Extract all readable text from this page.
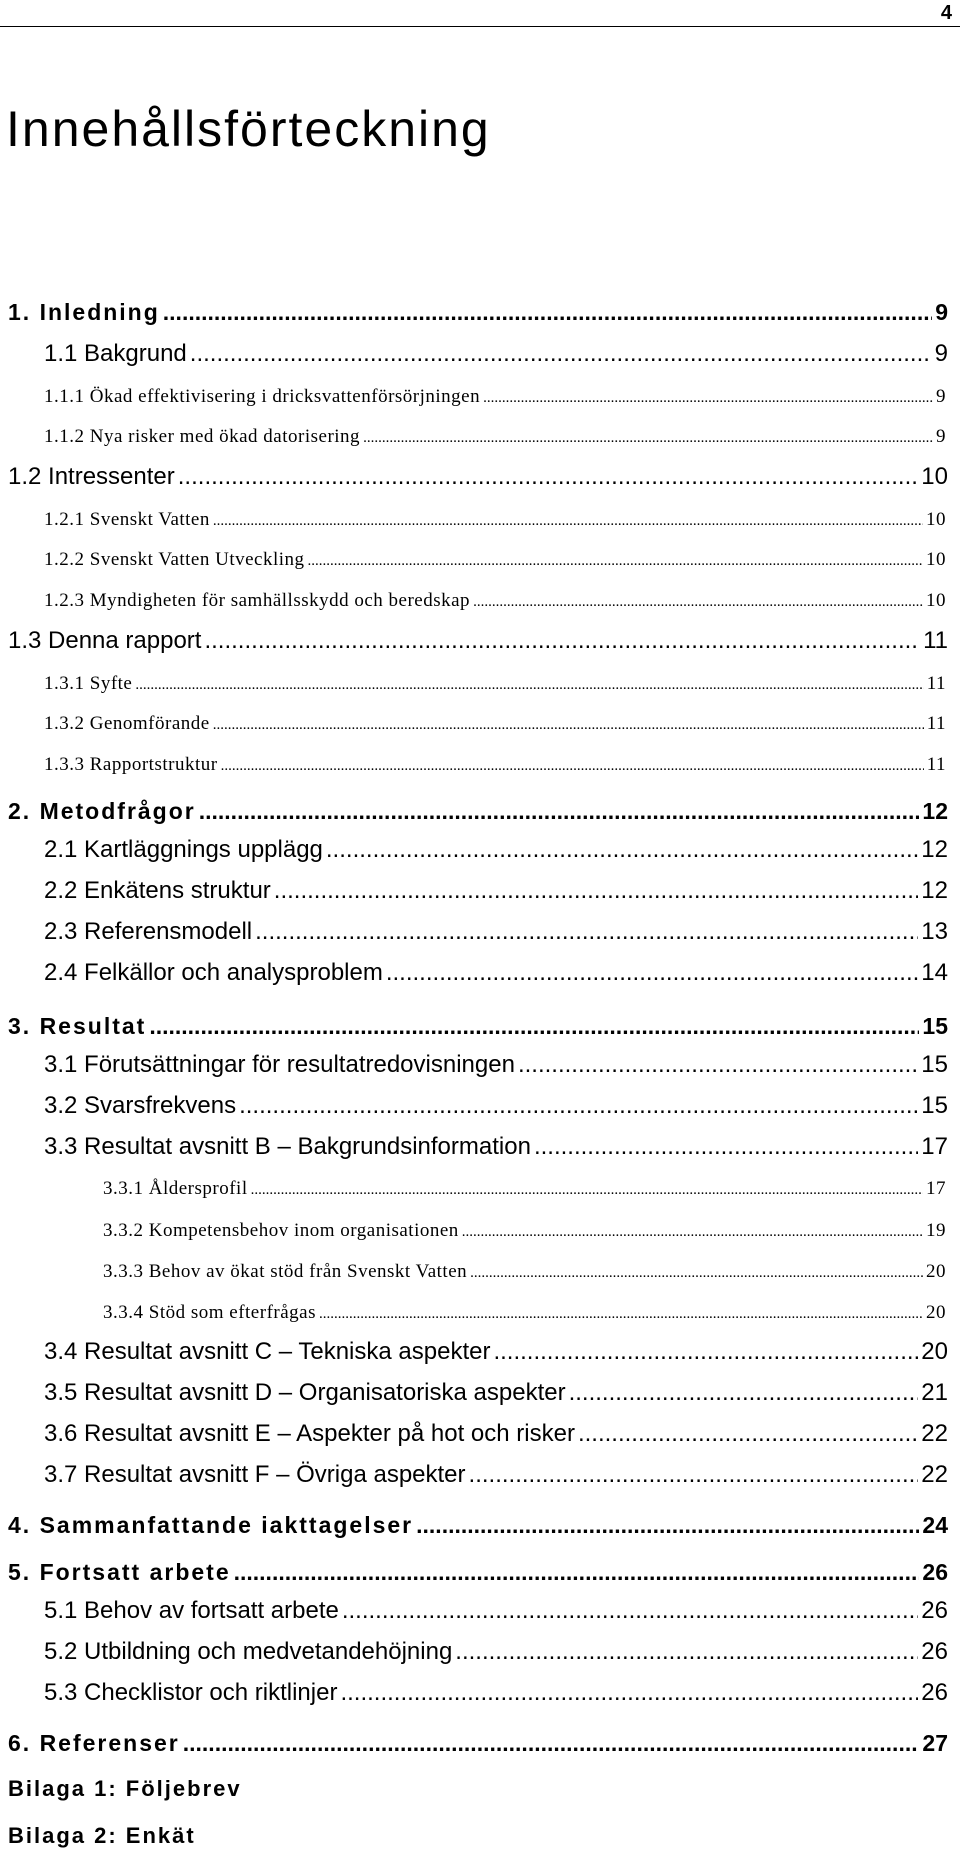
4
Innehållsförteckning
1. Inledning .....	9
1.1 Bakgrund .....	9
1.1.1 Ökad effektivisering i dricksvattenförsörjningen .....	9
1.1.2 Nya risker med ökad datorisering .....	9
1.2 Intressenter .....	10
1.2.1 Svenskt Vatten .....	10
1.2.2 Svenskt Vatten Utveckling .....	10
1.2.3 Myndigheten för samhällsskydd och beredskap .....	10
1.3 Denna rapport .....	11
1.3.1 Syfte .....	11
1.3.2 Genomförande .....	11
1.3.3 Rapportstruktur .....	11
2. Metodfrågor .....	12
2.1 Kartläggnings upplägg .....	12
2.2 Enkätens struktur .....	12
2.3 Referensmodell .....	13
2.4 Felkällor och analysproblem .....	14
3. Resultat .....	15
3.1 Förutsättningar för resultatredovisningen .....	15
3.2 Svarsfrekvens .....	15
3.3 Resultat avsnitt B – Bakgrundsinformation .....	17
3.3.1 Åldersprofil .....	17
3.3.2 Kompetensbehov inom organisationen .....	19
3.3.3 Behov av ökat stöd från Svenskt Vatten .....	20
3.3.4 Stöd som efterfrågas .....	20
3.4 Resultat avsnitt C – Tekniska aspekter .....	20
3.5 Resultat avsnitt D – Organisatoriska aspekter .....	21
3.6 Resultat avsnitt E – Aspekter på hot och risker .....	22
3.7 Resultat avsnitt F – Övriga aspekter .....	22
4. Sammanfattande iakttagelser .....	24
5. Fortsatt arbete .....	26
5.1 Behov av fortsatt arbete .....	26
5.2 Utbildning och medvetandehöjning .....	26
5.3 Checklistor och riktlinjer .....	26
6. Referenser .....	27
Bilaga 1: Följebrev
Bilaga 2: Enkät
